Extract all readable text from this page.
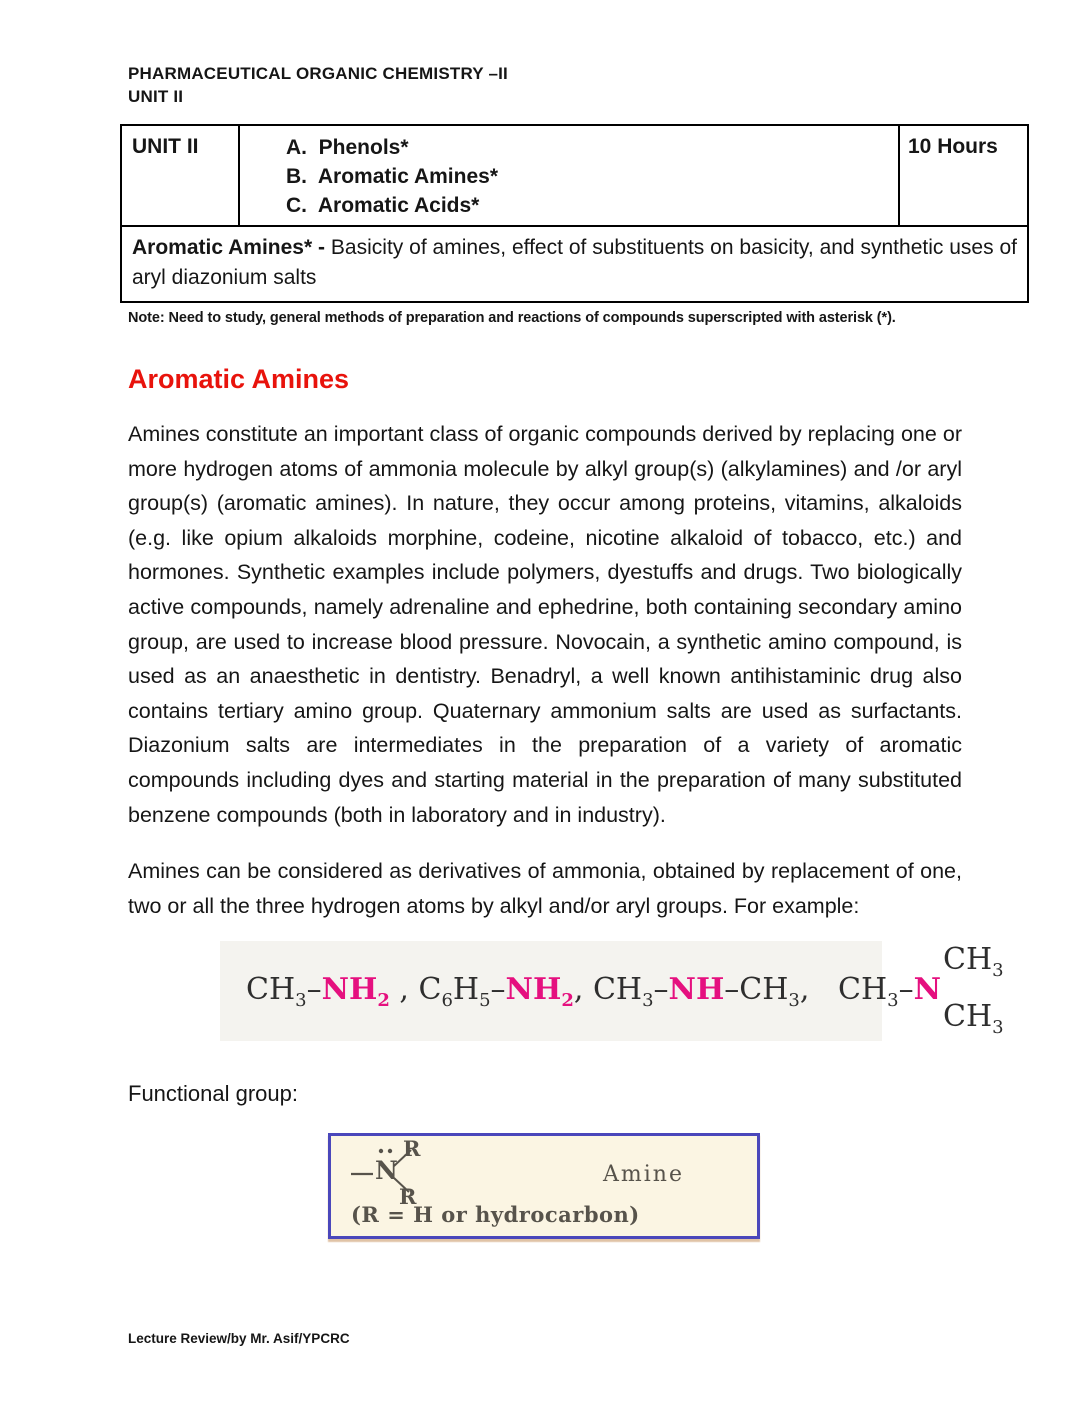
PHARMACEUTICAL ORGANIC CHEMISTRY –II
UNIT II
UNIT II	A.  Phenols*
B.  Aromatic Amines*
C.  Aromatic Acids*
	10 Hours
Aromatic Amines* - Basicity of amines, effect of substituents on basicity, and synthetic uses of aryl diazonium salts
Note: Need to study, general methods of preparation and reactions of compounds superscripted with asterisk (*).
Aromatic Amines
Amines constitute an important class of organic compounds derived by replacing one or more hydrogen atoms of ammonia molecule by alkyl group(s) (alkylamines) and /or aryl group(s) (aromatic amines). In nature, they occur among proteins, vitamins, alkaloids (e.g. like opium alkaloids morphine, codeine, nicotine alkaloid of tobacco, etc.) and hormones. Synthetic examples include polymers, dyestuffs and drugs. Two biologically active compounds, namely adrenaline and ephedrine, both containing secondary amino group, are used to increase blood pressure. Novocain, a synthetic amino compound, is used as an anaesthetic in dentistry. Benadryl, a well known antihistaminic drug also contains tertiary amino group. Quaternary ammonium salts are used as surfactants. Diazonium salts are intermediates in the preparation of a variety of aromatic compounds including dyes and starting material in the preparation of many substituted benzene compounds (both in laboratory and in industry).
Amines can be considered as derivatives of ammonia, obtained by replacement of one, two or all the three hydrogen atoms by alkyl and/or aryl groups. For example:
$CH_3 - NH_2$ , $C_6$ $H_5 - NH_2$ , $CH_3$ – NH – $CH_3$ , $CH_3$ – N
$CH_3$
$CH_3$
Functional group:
N
R
R
(R = H or hydrocarbon)
Amine
Lecture Review/by Mr. Asif/YPCRC
